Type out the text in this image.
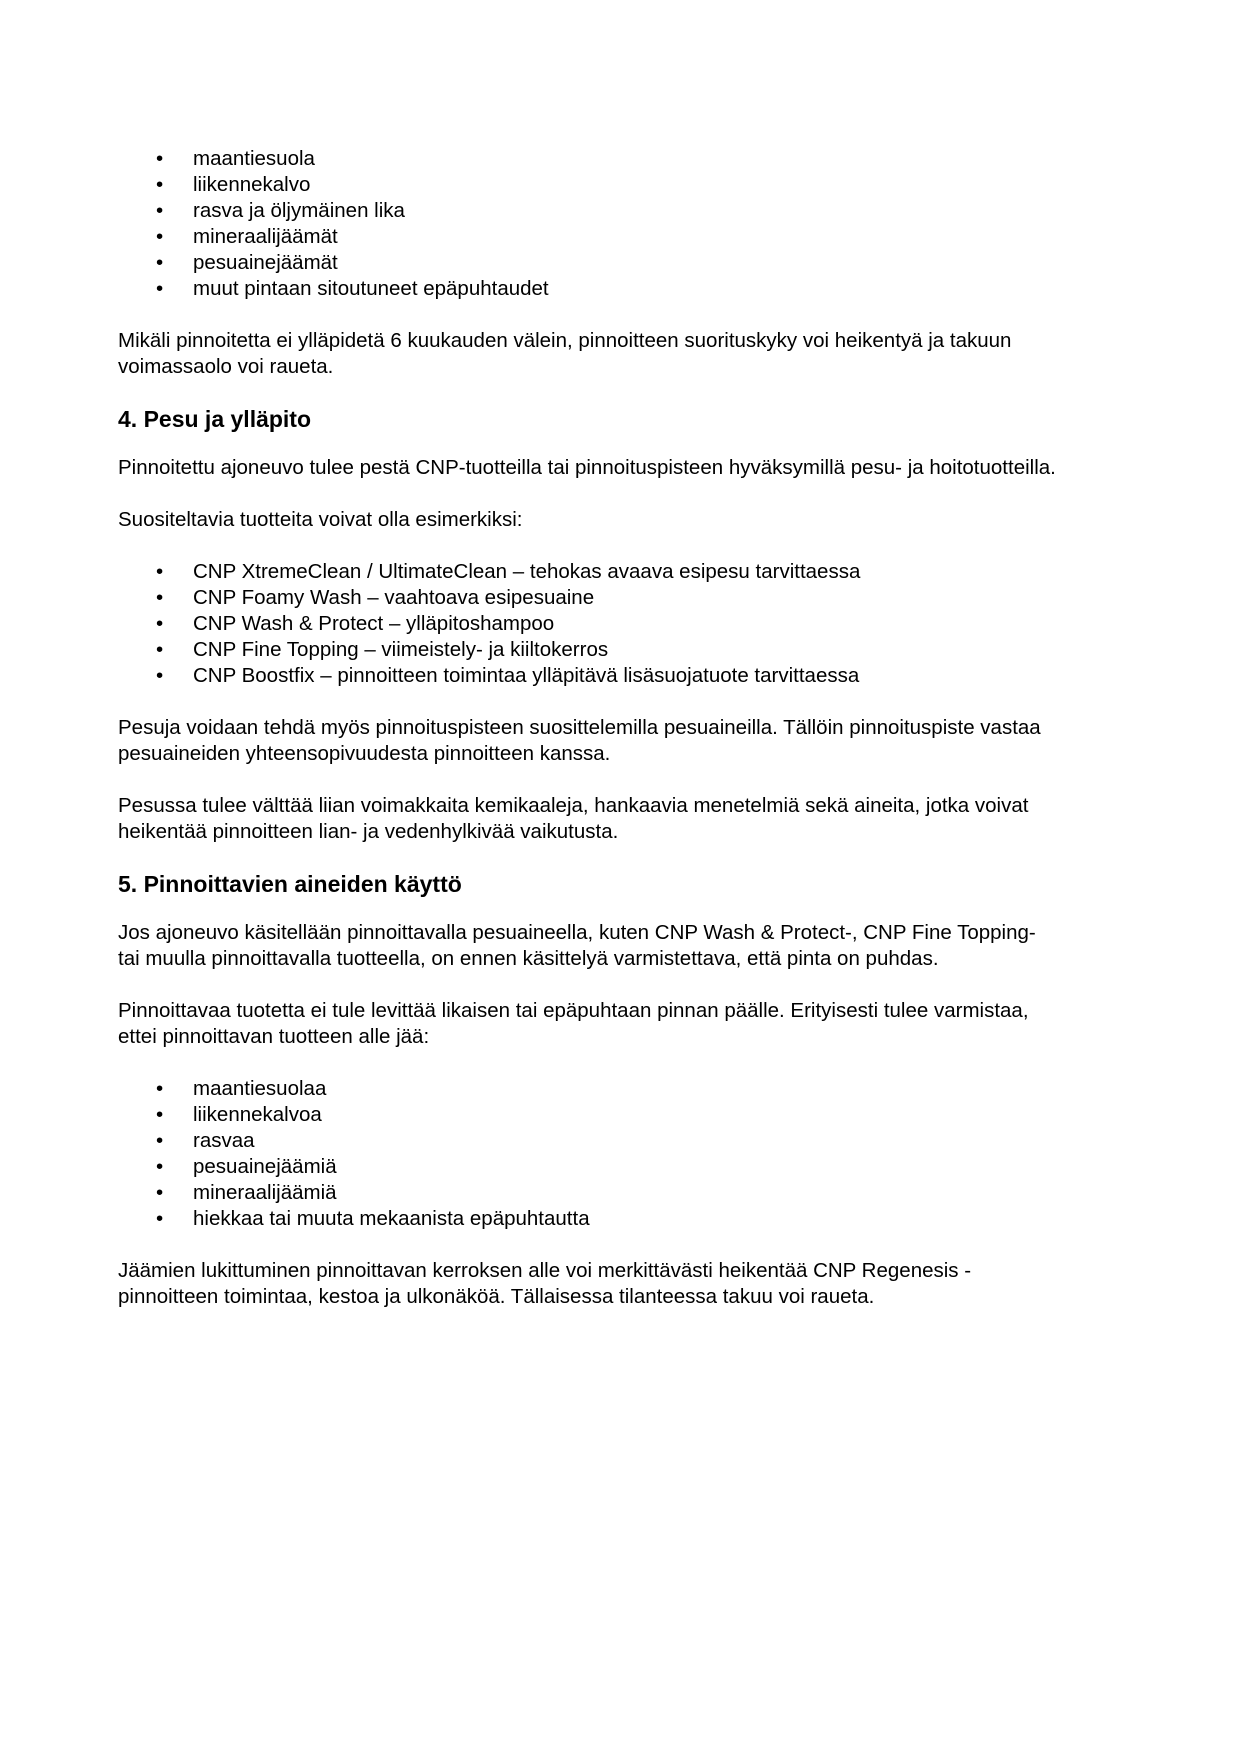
• maantiesuola
• liikennekalvo
• rasva ja öljymäinen lika
• mineraalijäämät
• pesuainejäämät
• muut pintaan sitoutuneet epäpuhtaudet

Mikäli pinnoitetta ei ylläpidetä 6 kuukauden välein, pinnoitteen suorituskyky voi heikentyä ja takuun
voimassaolo voi raueta.

4. Pesu ja ylläpito

Pinnoitettu ajoneuvo tulee pestä CNP-tuotteilla tai pinnoituspisteen hyväksymillä pesu- ja hoitotuotteilla.

Suositeltavia tuotteita voivat olla esimerkiksi:

• CNP XtremeClean / UltimateClean – tehokas avaava esipesu tarvittaessa
• CNP Foamy Wash – vaahtoava esipesuaine
• CNP Wash & Protect – ylläpitoshampoo
• CNP Fine Topping – viimeistely- ja kiiltokerros
• CNP Boostfix – pinnoitteen toimintaa ylläpitävä lisäsuojatuote tarvittaessa

Pesuja voidaan tehdä myös pinnoituspisteen suosittelemilla pesuaineilla. Tällöin pinnoituspiste vastaa
pesuaineiden yhteensopivuudesta pinnoitteen kanssa.

Pesussa tulee välttää liian voimakkaita kemikaaleja, hankaavia menetelmiä sekä aineita, jotka voivat
heikentää pinnoitteen lian- ja vedenhylkivää vaikutusta.

5. Pinnoittavien aineiden käyttö

Jos ajoneuvo käsitellään pinnoittavalla pesuaineella, kuten CNP Wash & Protect-, CNP Fine Topping-
tai muulla pinnoittavalla tuotteella, on ennen käsittelyä varmistettava, että pinta on puhdas.

Pinnoittavaa tuotetta ei tule levittää likaisen tai epäpuhtaan pinnan päälle. Erityisesti tulee varmistaa,
ettei pinnoittavan tuotteen alle jää:

• maantiesuolaa
• liikennekalvoa
• rasvaa
• pesuainejäämiä
• mineraalijäämiä
• hiekkaa tai muuta mekaanista epäpuhtautta

Jäämien lukittuminen pinnoittavan kerroksen alle voi merkittävästi heikentää CNP Regenesis -
pinnoitteen toimintaa, kestoa ja ulkonäköä. Tällaisessa tilanteessa takuu voi raueta.
